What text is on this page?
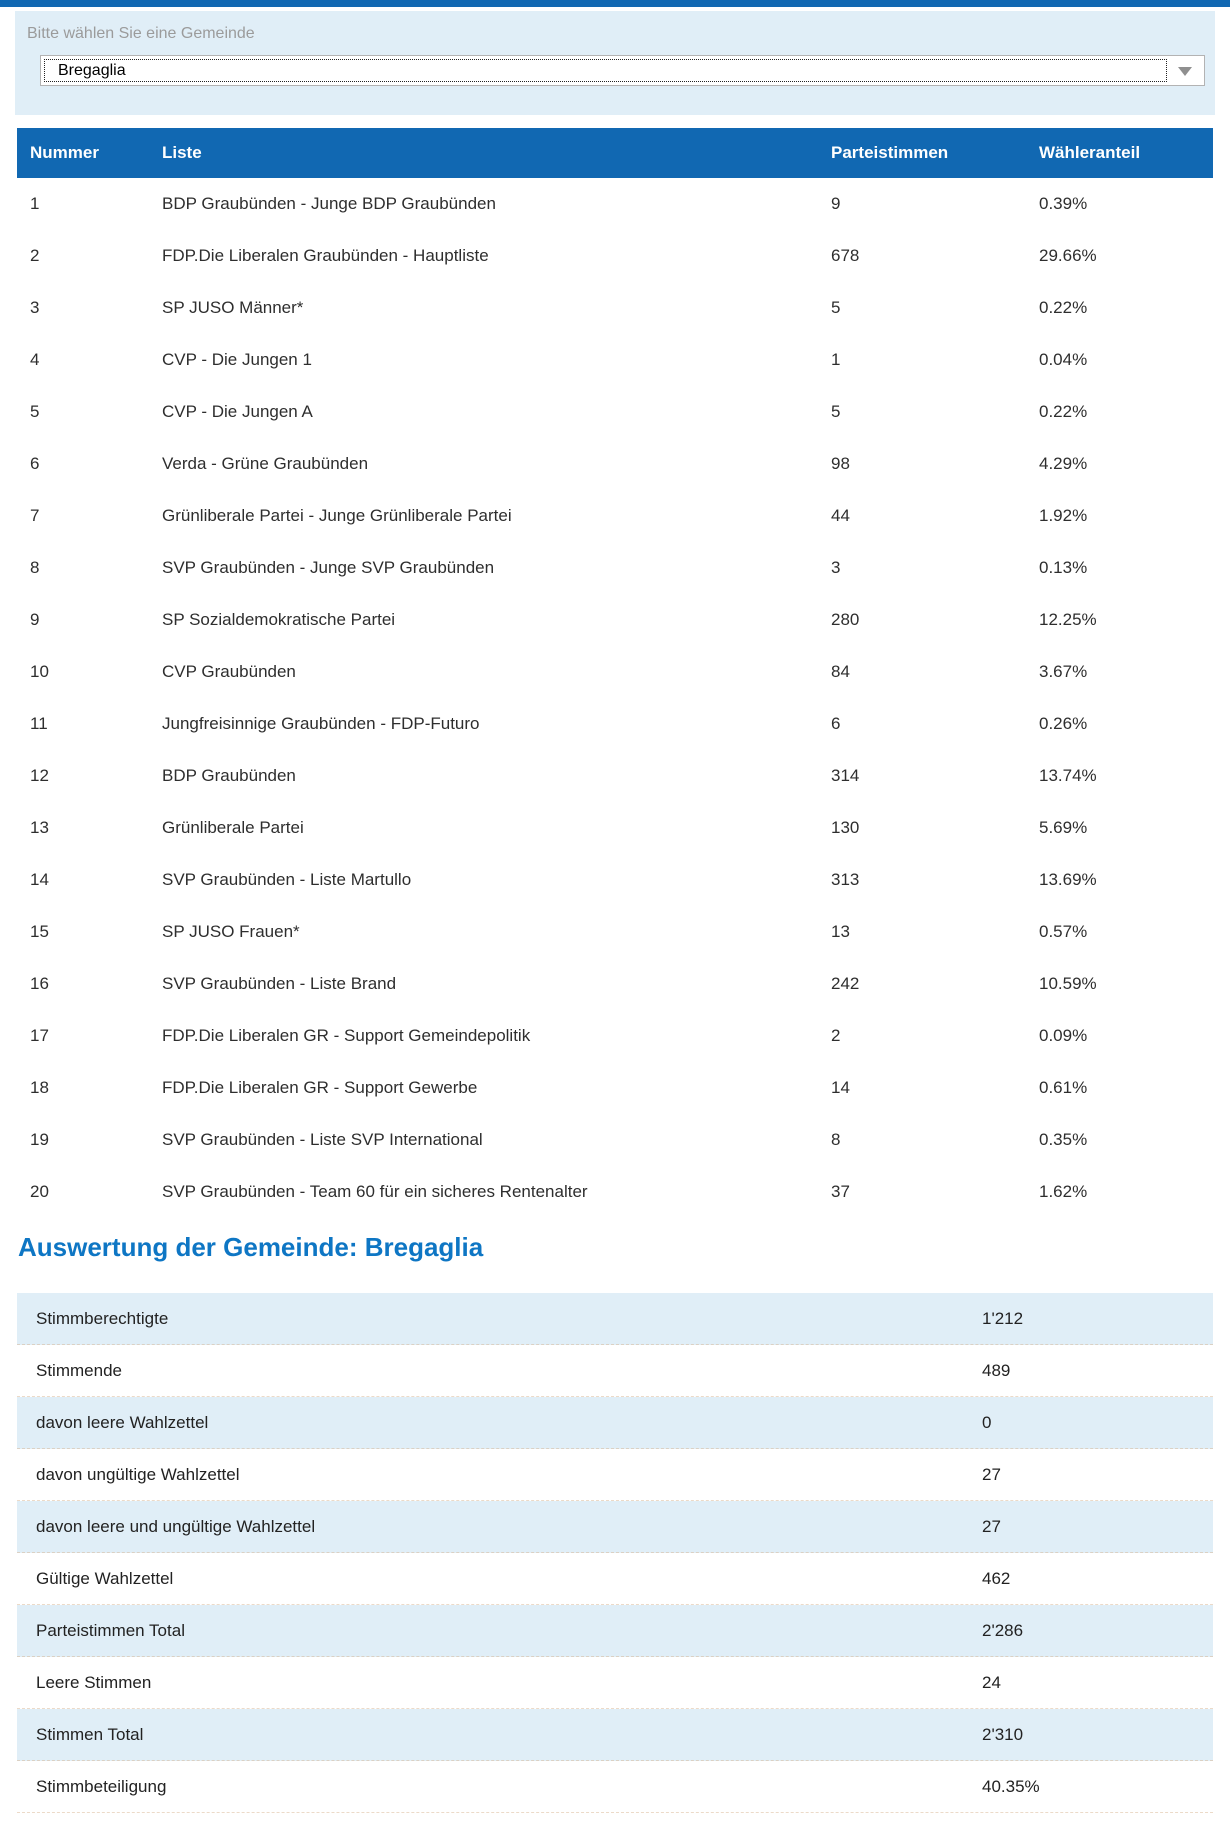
Bitte wählen Sie eine Gemeinde
Bregaglia
Nummer	Liste	Parteistimmen	Wähleranteil
1	BDP Graubünden - Junge BDP Graubünden	9	0.39%
2	FDP.Die Liberalen Graubünden - Hauptliste	678	29.66%
3	SP JUSO Männer*	5	0.22%
4	CVP - Die Jungen 1	1	0.04%
5	CVP - Die Jungen A	5	0.22%
6	Verda - Grüne Graubünden	98	4.29%
7	Grünliberale Partei - Junge Grünliberale Partei	44	1.92%
8	SVP Graubünden - Junge SVP Graubünden	3	0.13%
9	SP Sozialdemokratische Partei	280	12.25%
10	CVP Graubünden	84	3.67%
11	Jungfreisinnige Graubünden - FDP-Futuro	6	0.26%
12	BDP Graubünden	314	13.74%
13	Grünliberale Partei	130	5.69%
14	SVP Graubünden - Liste Martullo	313	13.69%
15	SP JUSO Frauen*	13	0.57%
16	SVP Graubünden - Liste Brand	242	10.59%
17	FDP.Die Liberalen GR - Support Gemeindepolitik	2	0.09%
18	FDP.Die Liberalen GR - Support Gewerbe	14	0.61%
19	SVP Graubünden - Liste SVP International	8	0.35%
20	SVP Graubünden - Team 60 für ein sicheres Rentenalter	37	1.62%
Auswertung der Gemeinde: Bregaglia
Stimmberechtigte	1'212
Stimmende	489
davon leere Wahlzettel	0
davon ungültige Wahlzettel	27
davon leere und ungültige Wahlzettel	27
Gültige Wahlzettel	462
Parteistimmen Total	2'286
Leere Stimmen	24
Stimmen Total	2'310
Stimmbeteiligung	40.35%
